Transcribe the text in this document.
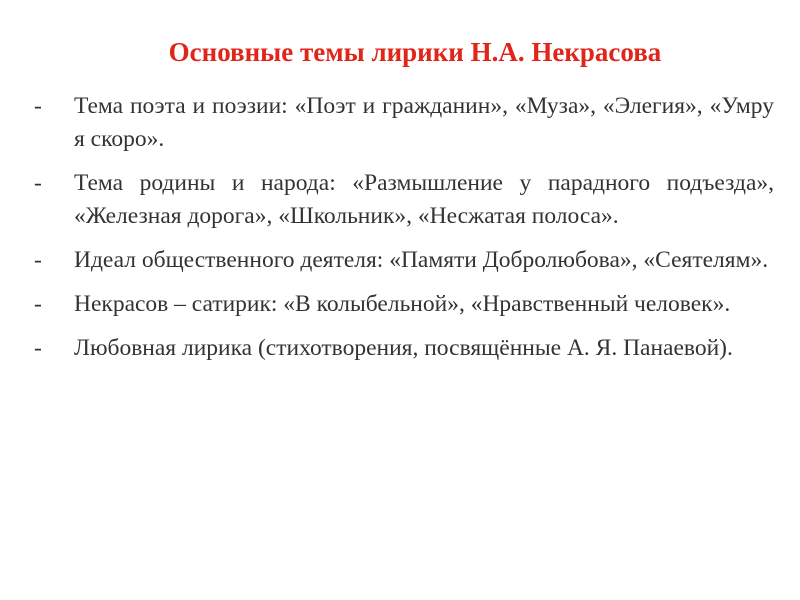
Основные темы лирики Н.А. Некрасова
-	Тема поэта и поэзии: «Поэт и гражданин», «Муза», «Элегия», «Умру я скоро».
-	Тема родины и народа: «Размышление у парадного подъезда», «Железная дорога», «Школьник», «Несжатая полоса».
-	Идеал общественного деятеля: «Памяти Добролюбова», «Сеятелям».
-	Некрасов – сатирик: «В колыбельной», «Нравственный человек».
-	Любовная лирика (стихотворения, посвящённые А. Я. Панаевой).
